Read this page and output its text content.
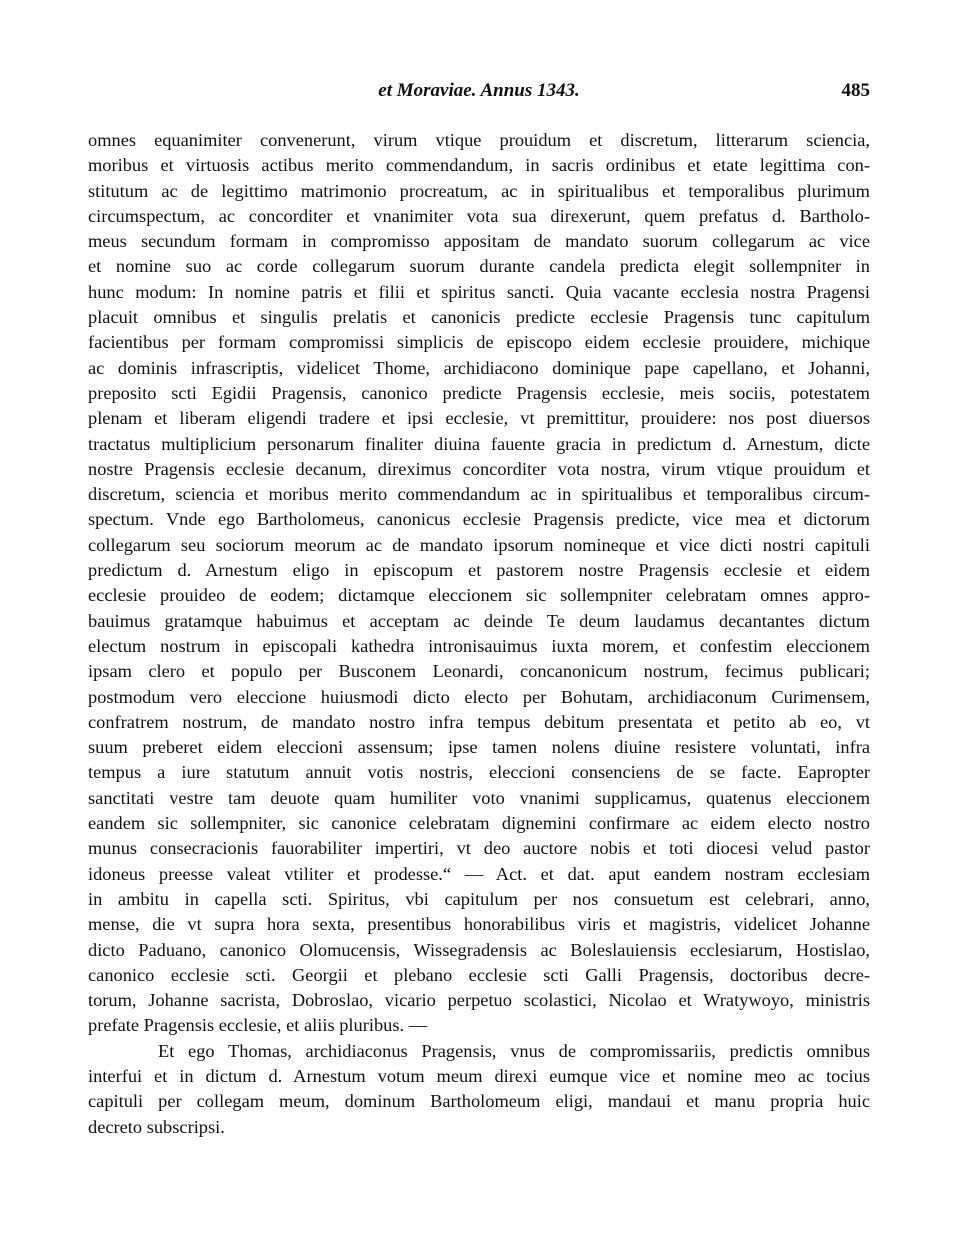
et Moraviae. Annus 1343.	485
omnes equanimiter convenerunt, virum vtique prouidum et discretum, litterarum sciencia,
moribus et virtuosis actibus merito commendandum, in sacris ordinibus et etate legittima con-
stitutum ac de legittimo matrimonio procreatum, ac in spiritualibus et temporalibus plurimum
circumspectum, ac concorditer et vnanimiter vota sua direxerunt, quem prefatus d. Bartholo-
meus secundum formam in compromisso appositam de mandato suorum collegarum ac vice
et nomine suo ac corde collegarum suorum durante candela predicta elegit sollempniter in
hunc modum: In nomine patris et filii et spiritus sancti. Quia vacante ecclesia nostra Pragensi
placuit omnibus et singulis prelatis et canonicis predicte ecclesie Pragensis tunc capitulum
facientibus per formam compromissi simplicis de episcopo eidem ecclesie prouidere, michique
ac dominis infrascriptis, videlicet Thome, archidiacono dominique pape capellano, et Johanni,
preposito scti Egidii Pragensis, canonico predicte Pragensis ecclesie, meis sociis, potestatem
plenam et liberam eligendi tradere et ipsi ecclesie, vt premittitur, prouidere: nos post diuersos
tractatus multiplicium personarum finaliter diuina fauente gracia in predictum d. Arnestum, dicte
nostre Pragensis ecclesie decanum, direximus concorditer vota nostra, virum vtique prouidum et
discretum, sciencia et moribus merito commendandum ac in spiritualibus et temporalibus circum-
spectum. Vnde ego Bartholomeus, canonicus ecclesie Pragensis predicte, vice mea et dictorum
collegarum seu sociorum meorum ac de mandato ipsorum nomineque et vice dicti nostri capituli
predictum d. Arnestum eligo in episcopum et pastorem nostre Pragensis ecclesie et eidem
ecclesie prouideo de eodem; dictamque eleccionem sic sollempniter celebratam omnes appro-
bauimus gratamque habuimus et acceptam ac deinde Te deum laudamus decantantes dictum
electum nostrum in episcopali kathedra intronisauimus iuxta morem, et confestim eleccionem
ipsam clero et populo per Busconem Leonardi, concanonicum nostrum, fecimus publicari;
postmodum vero eleccione huiusmodi dicto electo per Bohutam, archidiaconum Curimensem,
confratrem nostrum, de mandato nostro infra tempus debitum presentata et petito ab eo, vt
suum preberet eidem eleccioni assensum; ipse tamen nolens diuine resistere voluntati, infra
tempus a iure statutum annuit votis nostris, eleccioni consenciens de se facte. Eapropter
sanctitati vestre tam deuote quam humiliter voto vnanimi supplicamus, quatenus eleccionem
eandem sic sollempniter, sic canonice celebratam dignemini confirmare ac eidem electo nostro
munus consecracionis fauorabiliter impertiri, vt deo auctore nobis et toti diocesi velud pastor
idoneus preesse valeat vtiliter et prodesse.“ — Act. et dat. aput eandem nostram ecclesiam
in ambitu in capella scti. Spiritus, vbi capitulum per nos consuetum est celebrari, anno,
mense, die vt supra hora sexta, presentibus honorabilibus viris et magistris, videlicet Johanne
dicto Paduano, canonico Olomucensis, Wissegradensis ac Boleslauiensis ecclesiarum, Hostislao,
canonico ecclesie scti. Georgii et plebano ecclesie scti Galli Pragensis, doctoribus decre-
torum, Johanne sacrista, Dobroslao, vicario perpetuo scolastici, Nicolao et Wratywoyo, ministris
prefate Pragensis ecclesie, et aliis pluribus. —
Et ego Thomas, archidiaconus Pragensis, vnus de compromissariis, predictis omnibus
interfui et in dictum d. Arnestum votum meum direxi eumque vice et nomine meo ac tocius
capituli per collegam meum, dominum Bartholomeum eligi, mandaui et manu propria huic
decreto subscripsi.
